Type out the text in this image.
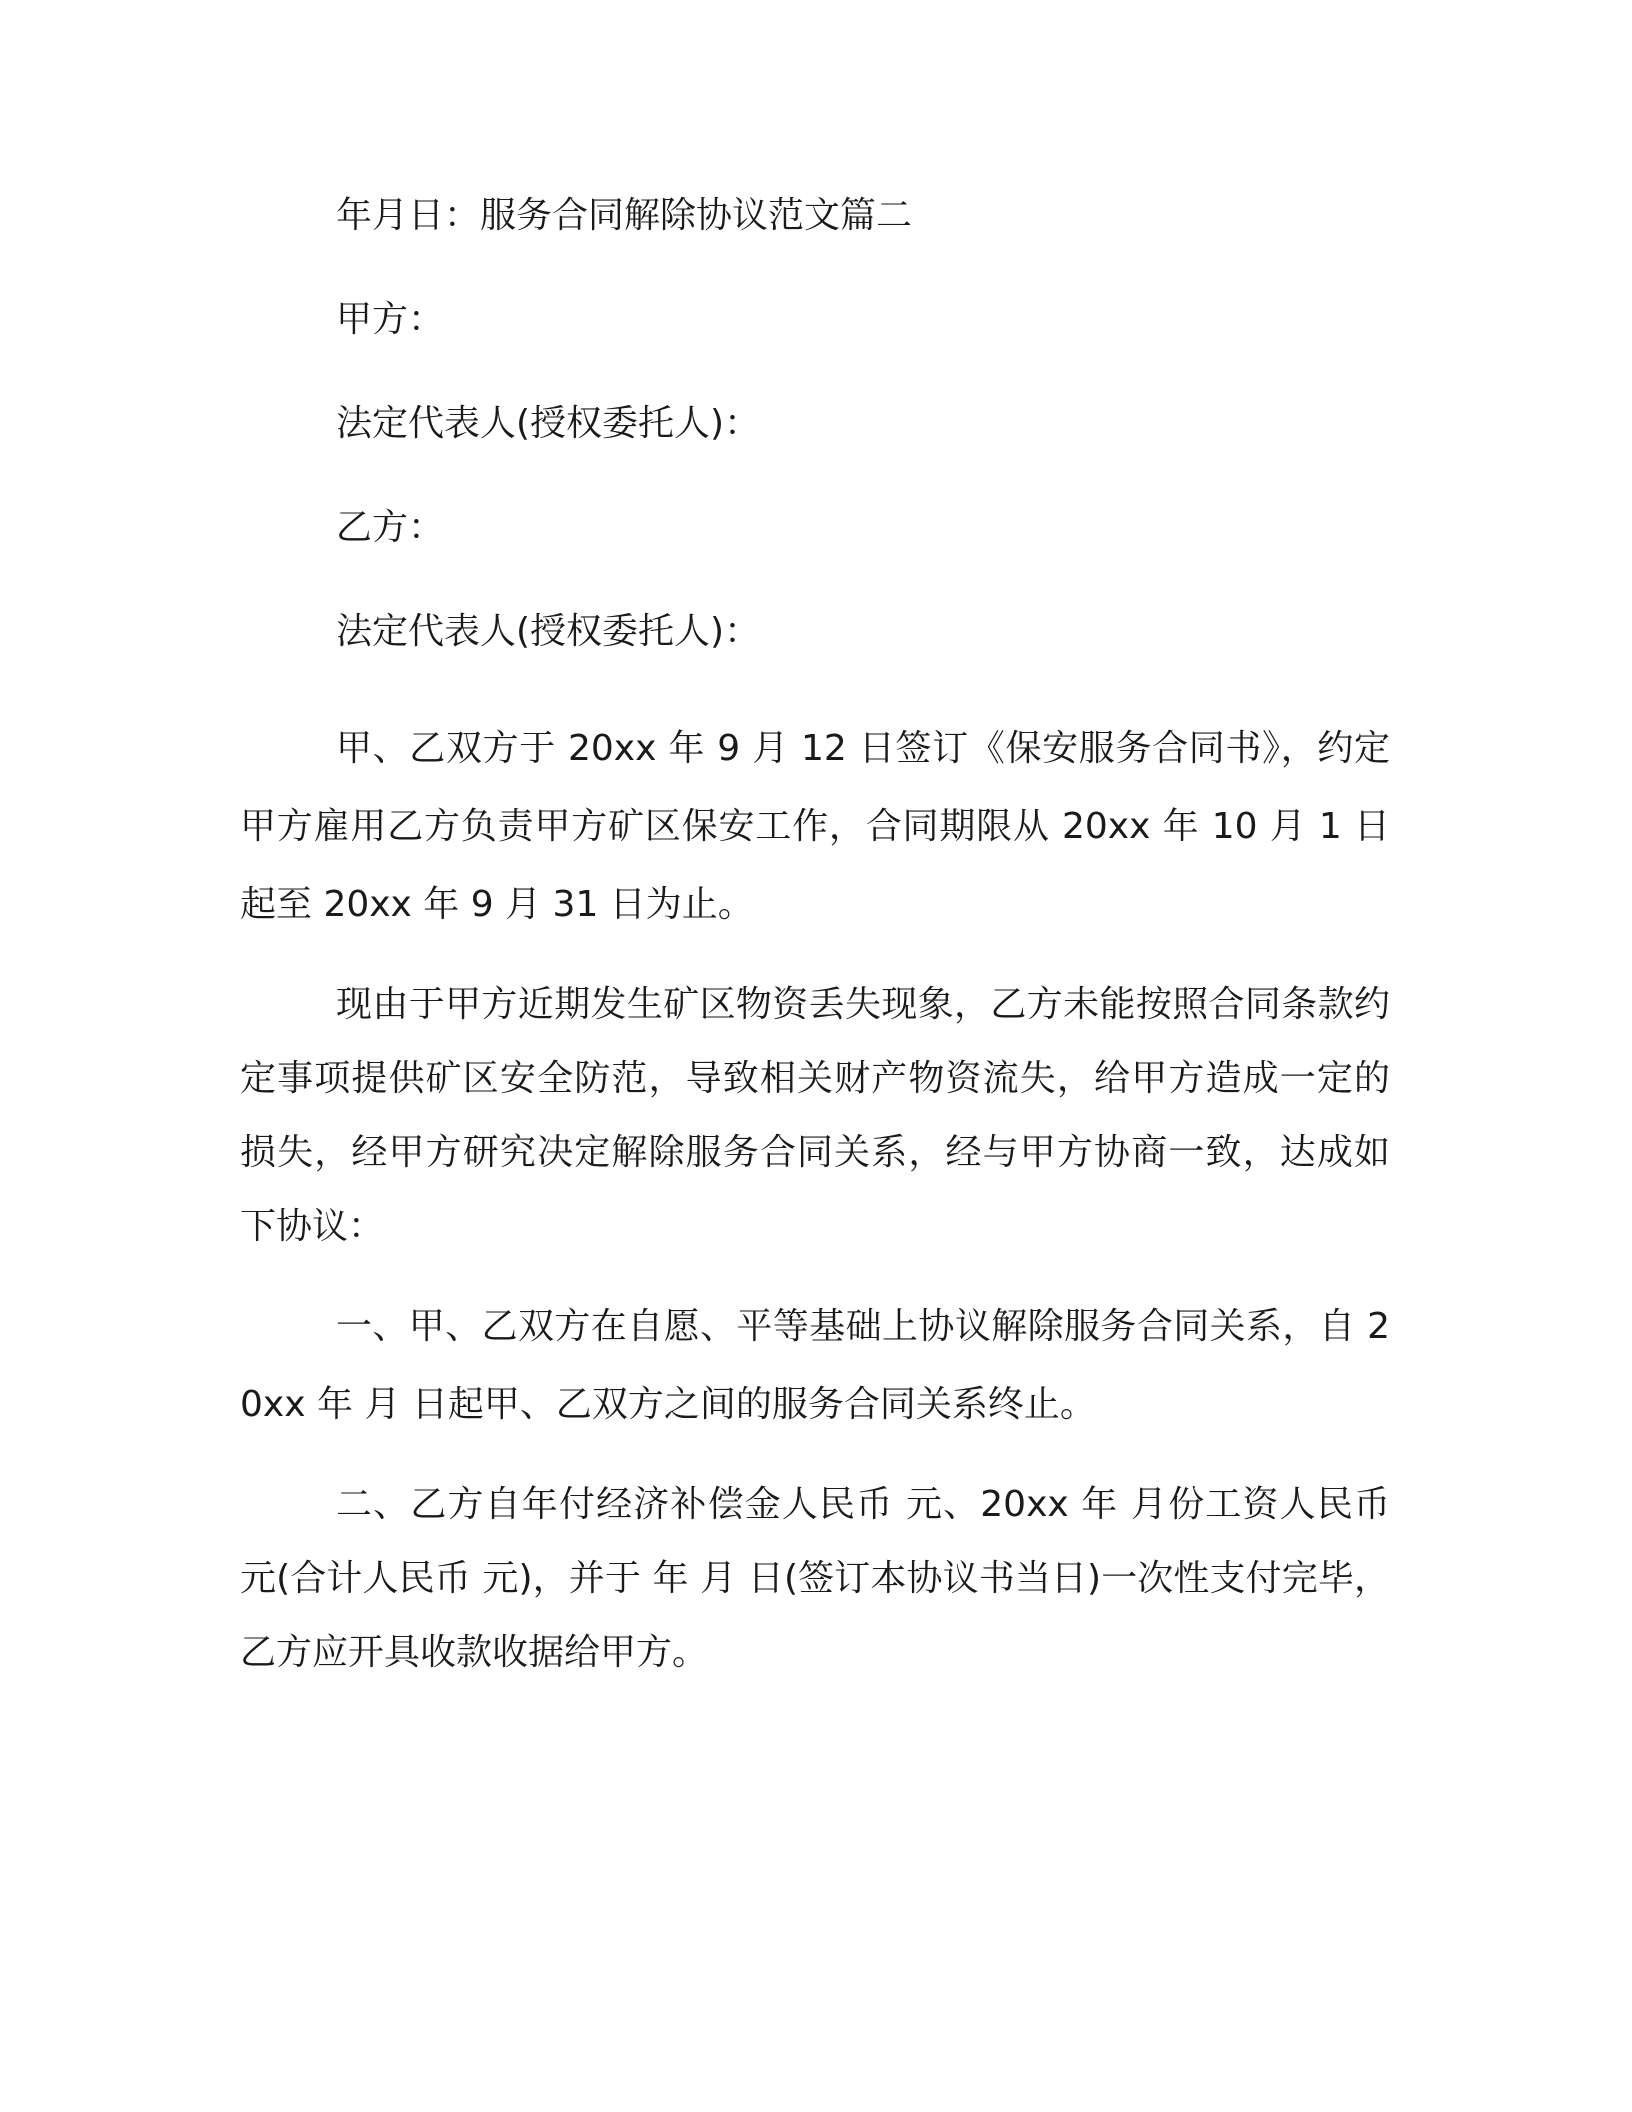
年月日：服务合同解除协议范文篇二

甲方：

法定代表人(授权委托人)：

乙方：

法定代表人(授权委托人)：

甲、乙双方于 20xx 年 9 月 12 日签订《保安服务合同书》，约定甲方雇用乙方负责甲方矿区保安工作，合同期限从 20xx 年 10 月 1 日起至 20xx 年 9 月 31 日为止。

现由于甲方近期发生矿区物资丢失现象，乙方未能按照合同条款约定事项提供矿区安全防范，导致相关财产物资流失，给甲方造成一定的损失，经甲方研究决定解除服务合同关系，经与甲方协商一致，达成如下协议：

一、甲、乙双方在自愿、平等基础上协议解除服务合同关系，自 20xx 年 月 日起甲、乙双方之间的服务合同关系终止。

二、乙方自年付经济补偿金人民币 元、20xx 年 月份工资人民币 元(合计人民币 元)，并于 年 月 日(签订本协议书当日)一次性支付完毕，乙方应开具收款收据给甲方。
